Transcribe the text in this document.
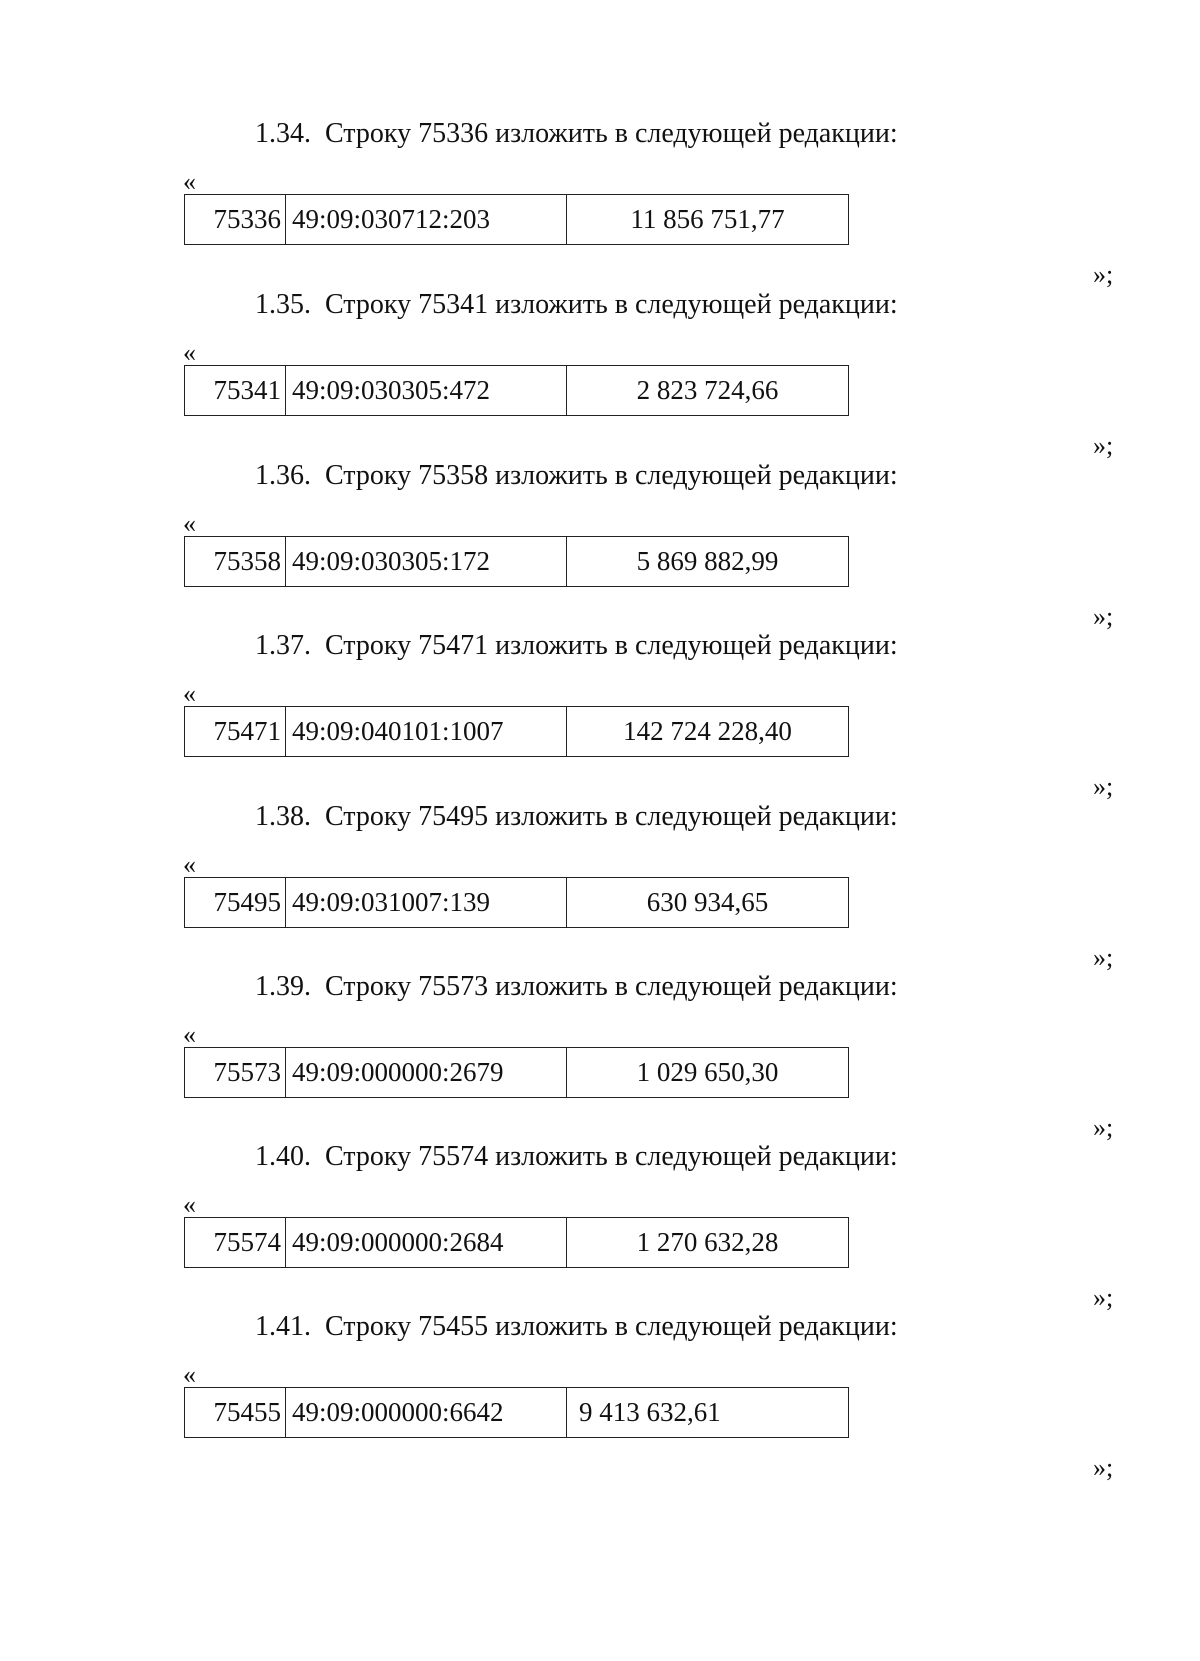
1.34. Строку 75336 изложить в следующей редакции:
«
75336	49:09:030712:203	11 856 751,77
»;
1.35. Строку 75341 изложить в следующей редакции:
«
75341	49:09:030305:472	2 823 724,66
»;
1.36. Строку 75358 изложить в следующей редакции:
«
75358	49:09:030305:172	5 869 882,99
»;
1.37. Строку 75471 изложить в следующей редакции:
«
75471	49:09:040101:1007	142 724 228,40
»;
1.38. Строку 75495 изложить в следующей редакции:
«
75495	49:09:031007:139	630 934,65
»;
1.39. Строку 75573 изложить в следующей редакции:
«
75573	49:09:000000:2679	1 029 650,30
»;
1.40. Строку 75574 изложить в следующей редакции:
«
75574	49:09:000000:2684	1 270 632,28
»;
1.41. Строку 75455 изложить в следующей редакции:
«
75455	49:09:000000:6642	9 413 632,61
»;
